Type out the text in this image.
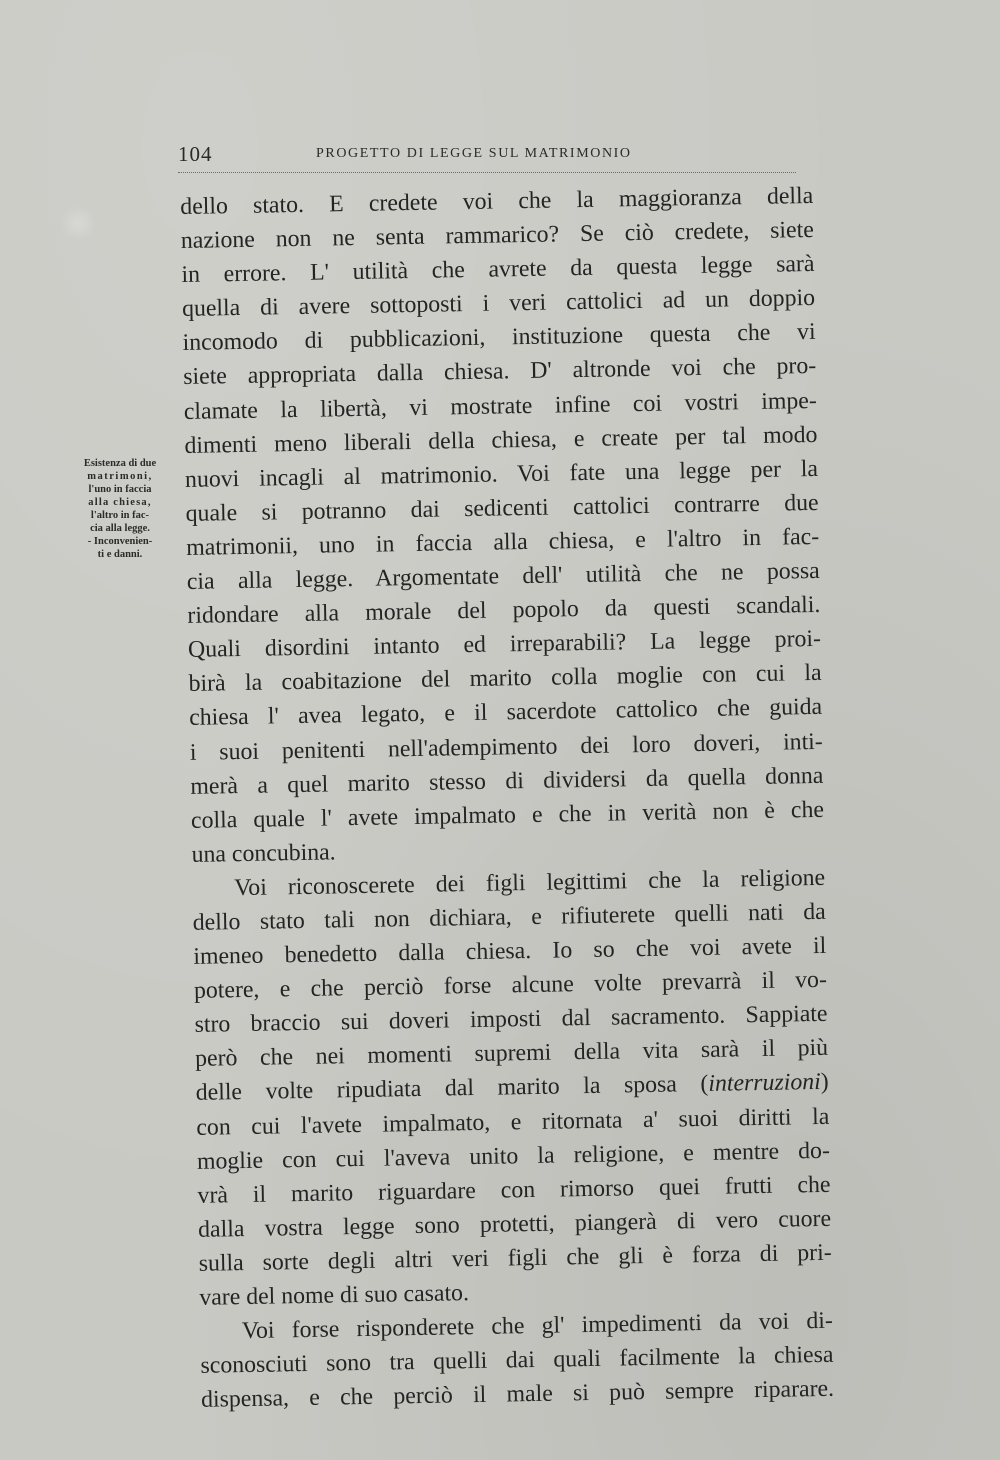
104	PROGETTO DI LEGGE SUL MATRIMONIO
Esistenza di due
matrimoni,
l'uno in faccia
alla chiesa,
l'altro in fac-
cia alla legge.
- Inconvenien-
ti e danni.
dello stato. E credete voi che la maggioranza della
nazione non ne senta rammarico? Se ciò credete, siete
in errore. L' utilità che avrete da questa legge sarà
quella di avere sottoposti i veri cattolici ad un doppio
incomodo di pubblicazioni, instituzione questa che vi
siete appropriata dalla chiesa. D' altronde voi che pro-
clamate la libertà, vi mostrate infine coi vostri impe-
dimenti meno liberali della chiesa, e create per tal modo
nuovi incagli al matrimonio. Voi fate una legge per la
quale si potranno dai sedicenti cattolici contrarre due
matrimonii, uno in faccia alla chiesa, e l'altro in fac-
cia alla legge. Argomentate dell' utilità che ne possa
ridondare alla morale del popolo da questi scandali.
Quali disordini intanto ed irreparabili? La legge proi-
birà la coabitazione del marito colla moglie con cui la
chiesa l' avea legato, e il sacerdote cattolico che guida
i suoi penitenti nell'adempimento dei loro doveri, inti-
merà a quel marito stesso di dividersi da quella donna
colla quale l' avete impalmato e che in verità non è che
una concubina.
Voi riconoscerete dei figli legittimi che la religione
dello stato tali non dichiara, e rifiuterete quelli nati da
imeneo benedetto dalla chiesa. Io so che voi avete il
potere, e che perciò forse alcune volte prevarrà il vo-
stro braccio sui doveri imposti dal sacramento. Sappiate
però che nei momenti supremi della vita sarà il più
delle volte ripudiata dal marito la sposa (interruzioni)
con cui l'avete impalmato, e ritornata a' suoi diritti la
moglie con cui l'aveva unito la religione, e mentre do-
vrà il marito riguardare con rimorso quei frutti che
dalla vostra legge sono protetti, piangerà di vero cuore
sulla sorte degli altri veri figli che gli è forza di pri-
vare del nome di suo casato.
Voi forse risponderete che gl' impedimenti da voi di-
sconosciuti sono tra quelli dai quali facilmente la chiesa
dispensa, e che perciò il male si può sempre riparare.
